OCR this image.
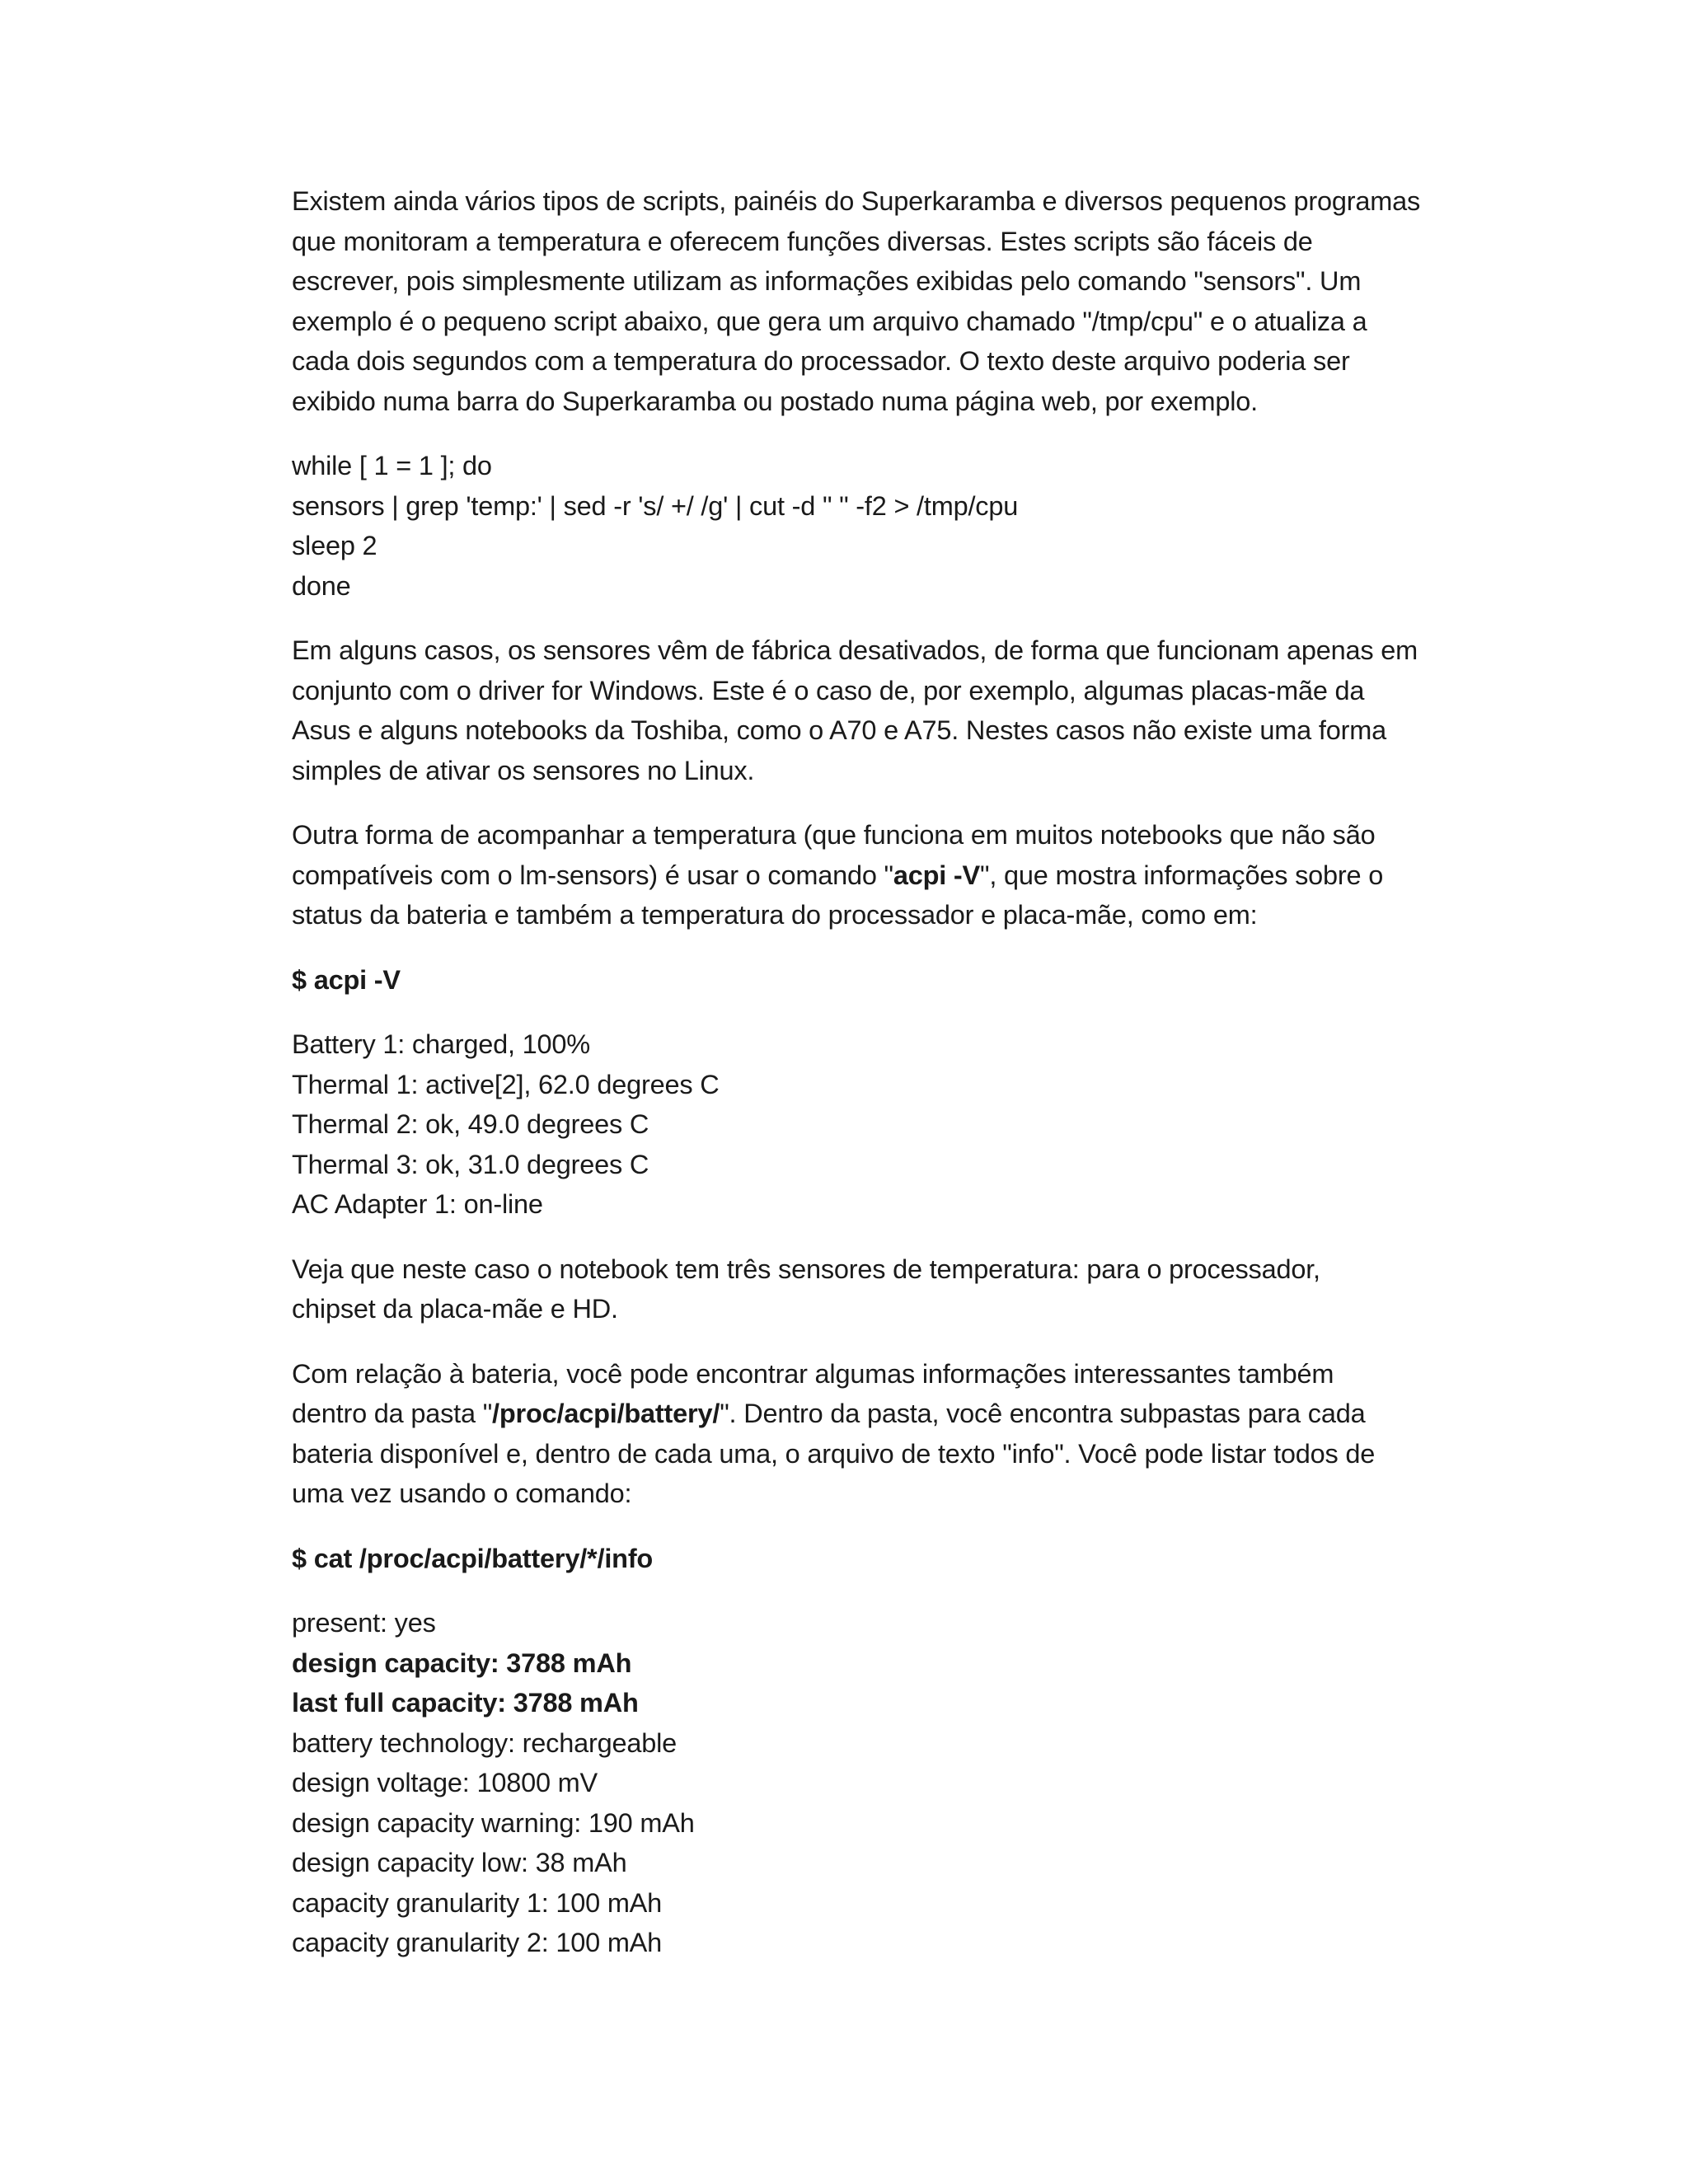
Existem ainda vários tipos de scripts, painéis do Superkaramba e diversos pequenos programas
que monitoram a temperatura e oferecem funções diversas. Estes scripts são fáceis de
escrever, pois simplesmente utilizam as informações exibidas pelo comando "sensors". Um
exemplo é o pequeno script abaixo, que gera um arquivo chamado "/tmp/cpu" e o atualiza a
cada dois segundos com a temperatura do processador. O texto deste arquivo poderia ser
exibido numa barra do Superkaramba ou postado numa página web, por exemplo.

while [ 1 = 1 ]; do
sensors | grep 'temp:' | sed -r 's/ +/ /g' | cut -d " " -f2 > /tmp/cpu
sleep 2
done

Em alguns casos, os sensores vêm de fábrica desativados, de forma que funcionam apenas em
conjunto com o driver for Windows. Este é o caso de, por exemplo, algumas placas-mãe da
Asus e alguns notebooks da Toshiba, como o A70 e A75. Nestes casos não existe uma forma
simples de ativar os sensores no Linux.

Outra forma de acompanhar a temperatura (que funciona em muitos notebooks que não são
compatíveis com o lm-sensors) é usar o comando "acpi -V", que mostra informações sobre o
status da bateria e também a temperatura do processador e placa-mãe, como em:

$ acpi -V

Battery 1: charged, 100%
Thermal 1: active[2], 62.0 degrees C
Thermal 2: ok, 49.0 degrees C
Thermal 3: ok, 31.0 degrees C
AC Adapter 1: on-line

Veja que neste caso o notebook tem três sensores de temperatura: para o processador,
chipset da placa-mãe e HD.

Com relação à bateria, você pode encontrar algumas informações interessantes também
dentro da pasta "/proc/acpi/battery/". Dentro da pasta, você encontra subpastas para cada
bateria disponível e, dentro de cada uma, o arquivo de texto "info". Você pode listar todos de
uma vez usando o comando:

$ cat /proc/acpi/battery/*/info

present: yes
design capacity: 3788 mAh
last full capacity: 3788 mAh
battery technology: rechargeable
design voltage: 10800 mV
design capacity warning: 190 mAh
design capacity low: 38 mAh
capacity granularity 1: 100 mAh
capacity granularity 2: 100 mAh
